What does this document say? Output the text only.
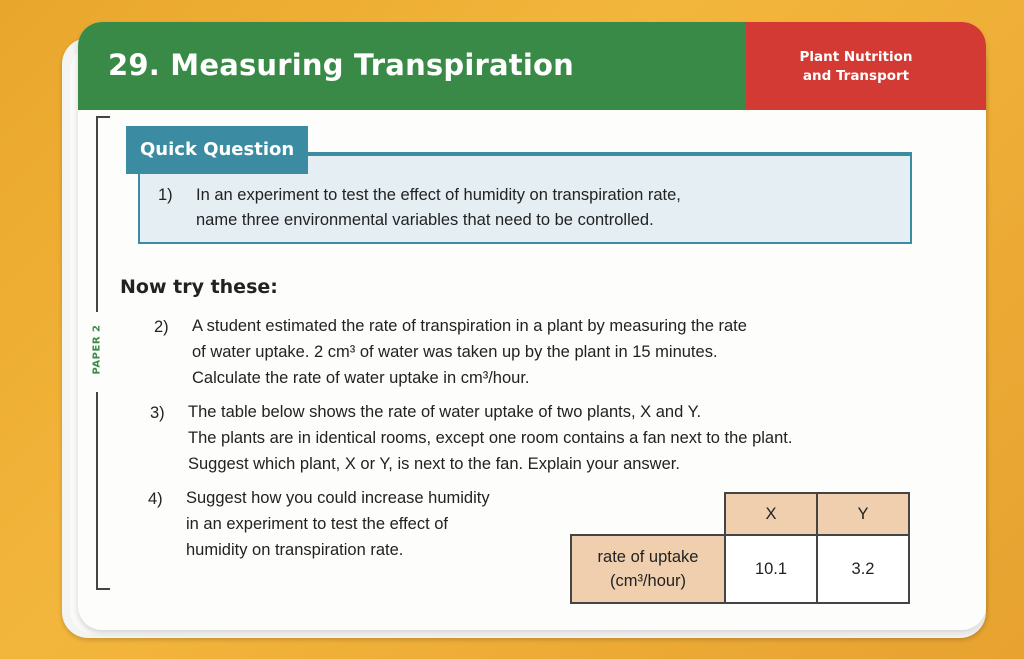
29. Measuring Transpiration	Plant Nutrition
and Transport
PAPER 2
Quick Question
1) In an experiment to test the effect of humidity on transpiration rate,
name three environmental variables that need to be controlled.
Now try these:
2) A student estimated the rate of transpiration in a plant by measuring the rate
of water uptake. 2 cm³ of water was taken up by the plant in 15 minutes.
Calculate the rate of water uptake in cm³/hour.
3) The table below shows the rate of water uptake of two plants, X and Y.
The plants are in identical rooms, except one room contains a fan next to the plant.
Suggest which plant, X or Y, is next to the fan. Explain your answer.
4) Suggest how you could increase humidity
in an experiment to test the effect of
humidity on transpiration rate.
	X	Y

rate of uptake
(cm³/hour)	10.1	3.2
